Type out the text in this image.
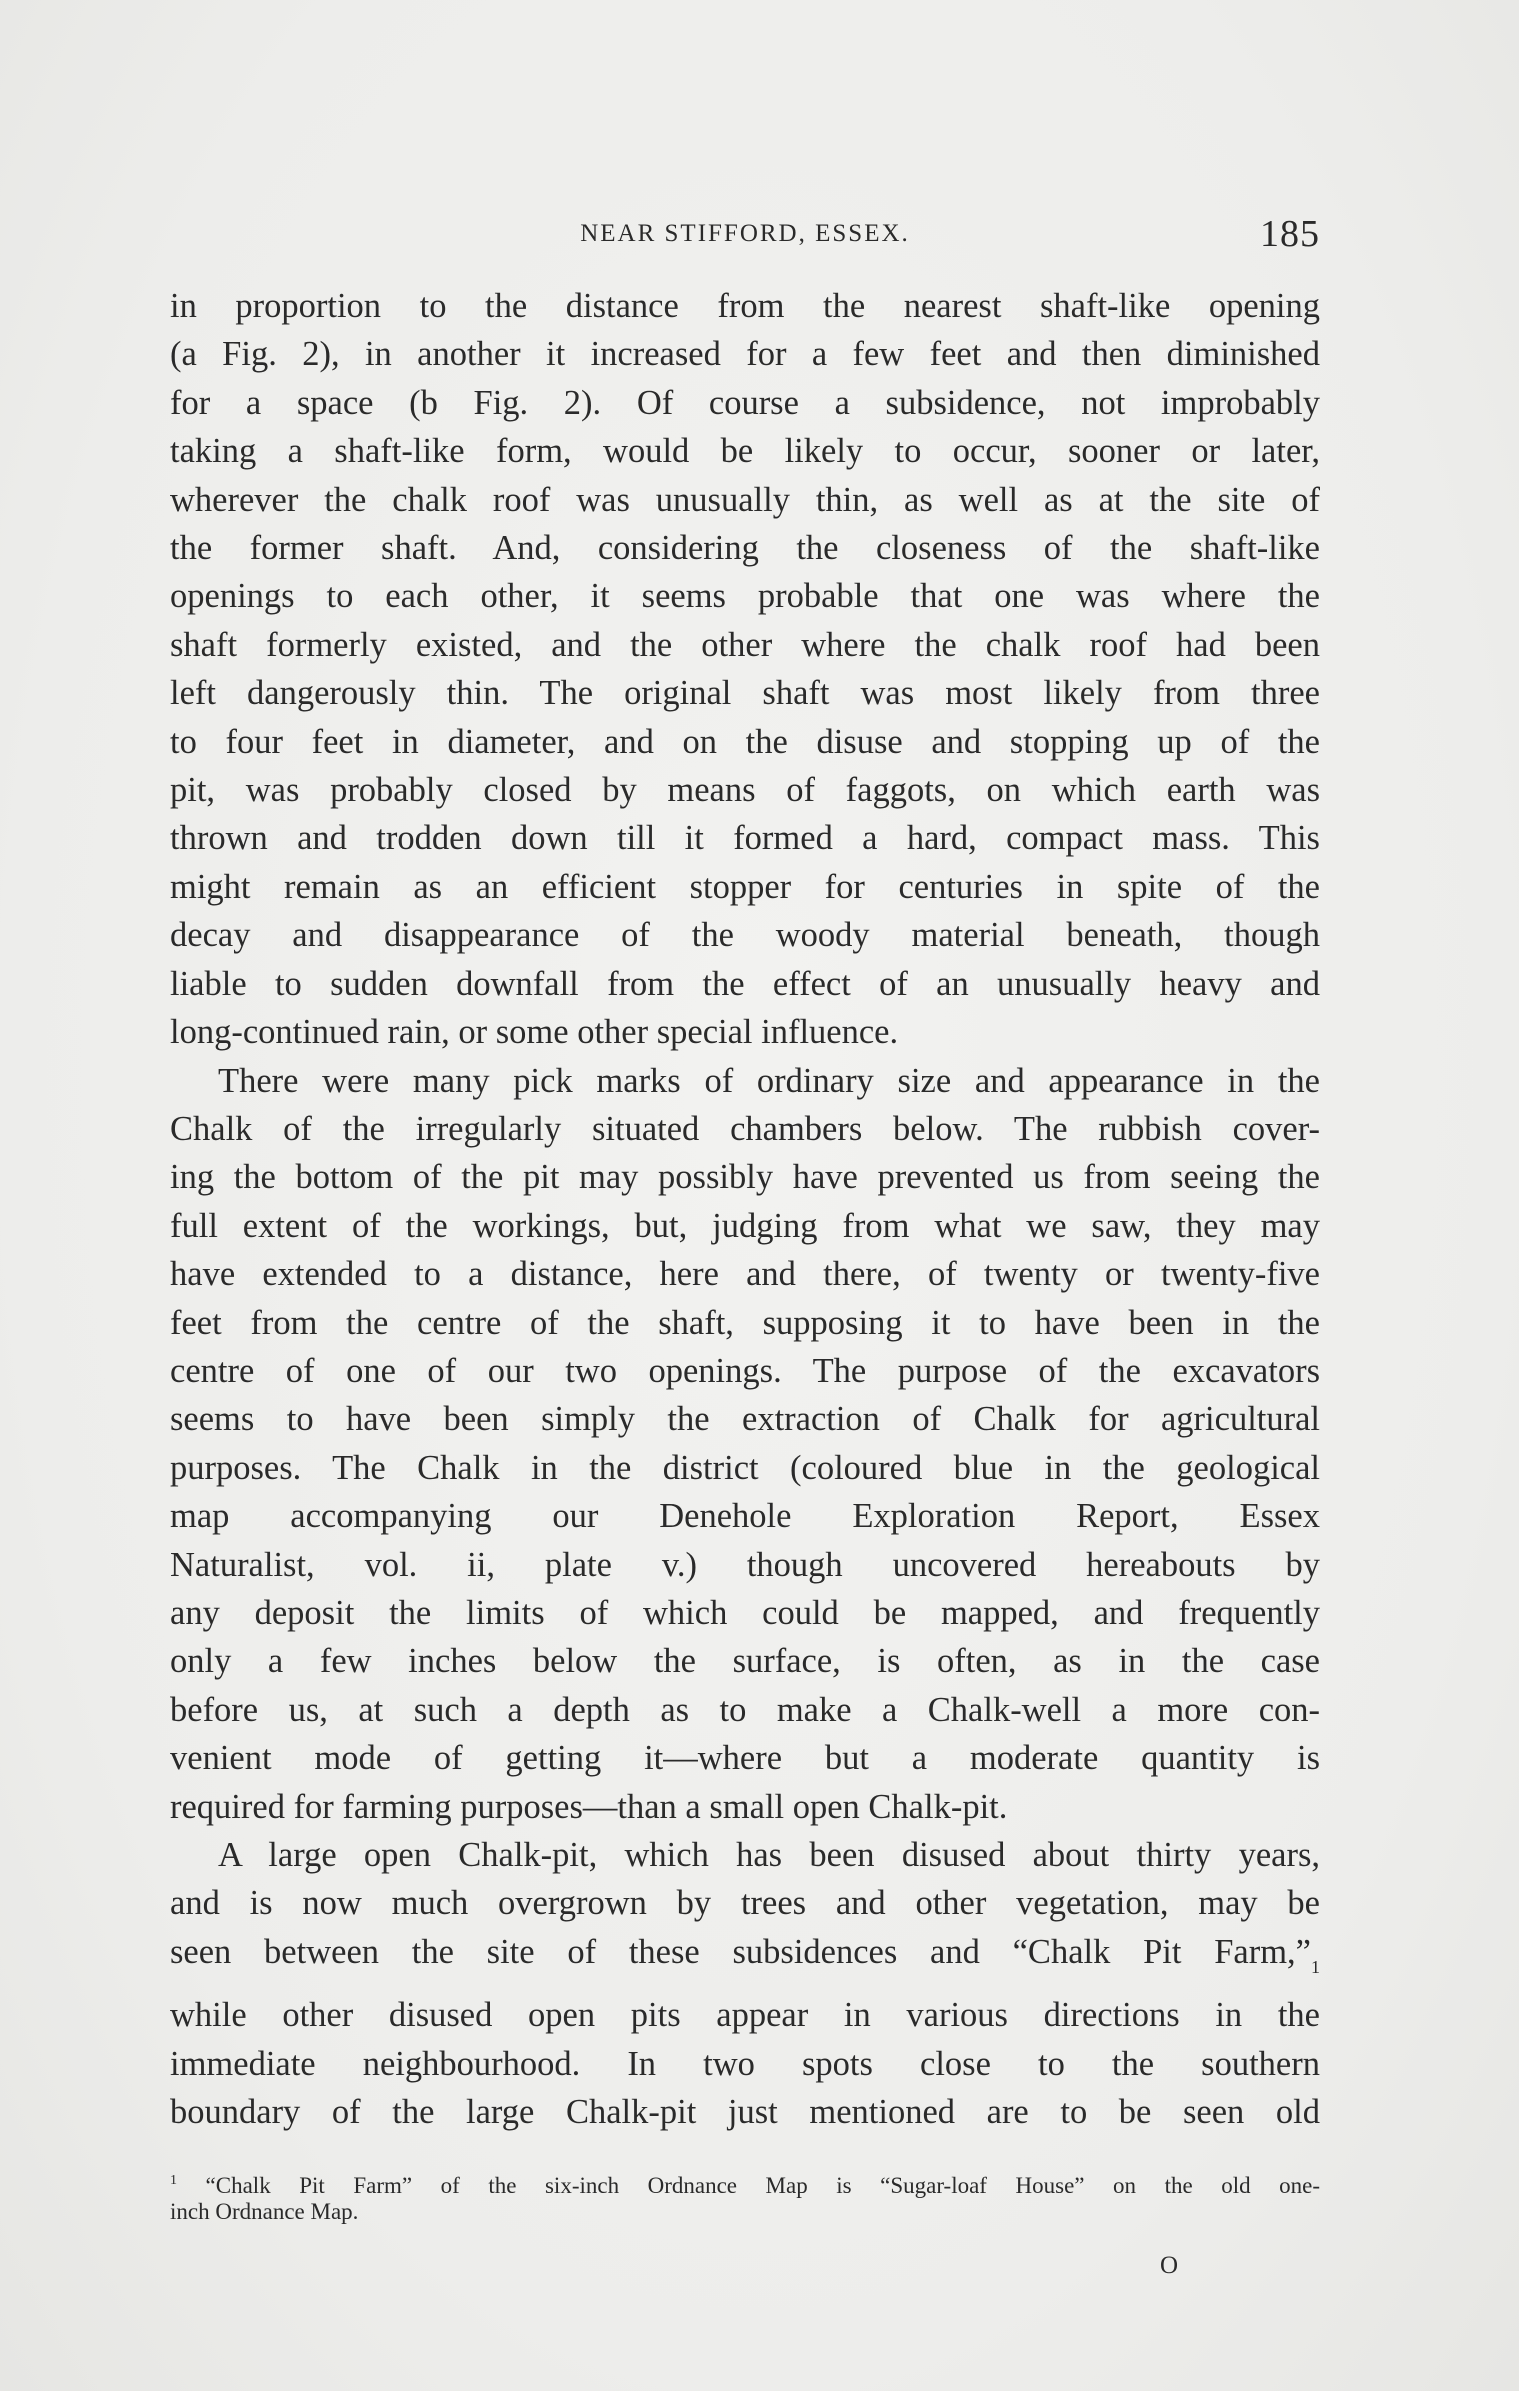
NEAR STIFFORD, ESSEX.	185
in proportion to the distance from the nearest shaft-like opening
(a Fig. 2), in another it increased for a few feet and then diminished
for a space (b Fig. 2). Of course a subsidence, not improbably
taking a shaft-like form, would be likely to occur, sooner or later,
wherever the chalk roof was unusually thin, as well as at the site of
the former shaft. And, considering the closeness of the shaft-like
openings to each other, it seems probable that one was where the
shaft formerly existed, and the other where the chalk roof had been
left dangerously thin. The original shaft was most likely from three
to four feet in diameter, and on the disuse and stopping up of the
pit, was probably closed by means of faggots, on which earth was
thrown and trodden down till it formed a hard, compact mass. This
might remain as an efficient stopper for centuries in spite of the
decay and disappearance of the woody material beneath, though
liable to sudden downfall from the effect of an unusually heavy and
long-continued rain, or some other special influence.
There were many pick marks of ordinary size and appearance in the
Chalk of the irregularly situated chambers below. The rubbish cover-
ing the bottom of the pit may possibly have prevented us from seeing the
full extent of the workings, but, judging from what we saw, they may
have extended to a distance, here and there, of twenty or twenty-five
feet from the centre of the shaft, supposing it to have been in the
centre of one of our two openings. The purpose of the excavators
seems to have been simply the extraction of Chalk for agricultural
purposes. The Chalk in the district (coloured blue in the geological
map accompanying our Denehole Exploration Report, Essex
Naturalist, vol. ii, plate v.) though uncovered hereabouts by
any deposit the limits of which could be mapped, and frequently
only a few inches below the surface, is often, as in the case
before us, at such a depth as to make a Chalk-well a more con-
venient mode of getting it—where but a moderate quantity is
required for farming purposes—than a small open Chalk-pit.
A large open Chalk-pit, which has been disused about thirty years,
and is now much overgrown by trees and other vegetation, may be
seen between the site of these subsidences and “Chalk Pit Farm,”$^1$
while other disused open pits appear in various directions in the
immediate neighbourhood. In two spots close to the southern
boundary of the large Chalk-pit just mentioned are to be seen old
$^1$ “Chalk Pit Farm” of the six-inch Ordnance Map is “Sugar-loaf House” on the old one-
inch Ordnance Map.
O
